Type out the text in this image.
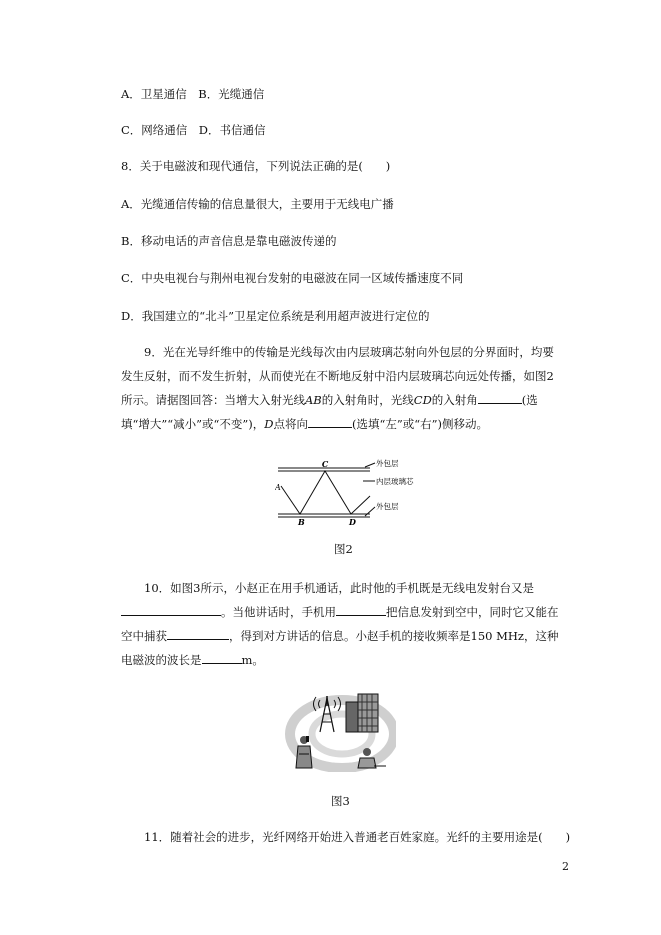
A．卫星通信　B．光缆通信
C．网络通信　D．书信通信
8．关于电磁波和现代通信，下列说法正确的是(　　)
A．光缆通信传输的信息量很大，主要用于无线电广播
B．移动电话的声音信息是靠电磁波传递的
C．中央电视台与荆州电视台发射的电磁波在同一区域传播速度不同
D．我国建立的“北斗”卫星定位系统是利用超声波进行定位的
9．光在光导纤维中的传输是光线每次由内层玻璃芯射向外包层的分界面时，均要发生反射，而不发生折射，从而使光在不断地反射中沿内层玻璃芯向远处传播，如图2所示。请据图回答：当增大入射光线AB的入射角时，光线CD的入射角	(选填“增大”“减小”或“不变”)，D点将向	(选填“左”或“右”)侧移动。
C
A
B	D
外包层
内层玻璃芯
外包层
图2
10．如图3所示，小赵正在用手机通话，此时他的手机既是无线电发射台又是。当他讲话时，手机用	把信息发射到空中，同时它又能在空中捕获	，得到对方讲话的信息。小赵手机的接收频率是150 MHz，这种电磁波的波长是	m。
图3
11．随着社会的进步，光纤网络开始进入普通老百姓家庭。光纤的主要用途是(　　)
2
